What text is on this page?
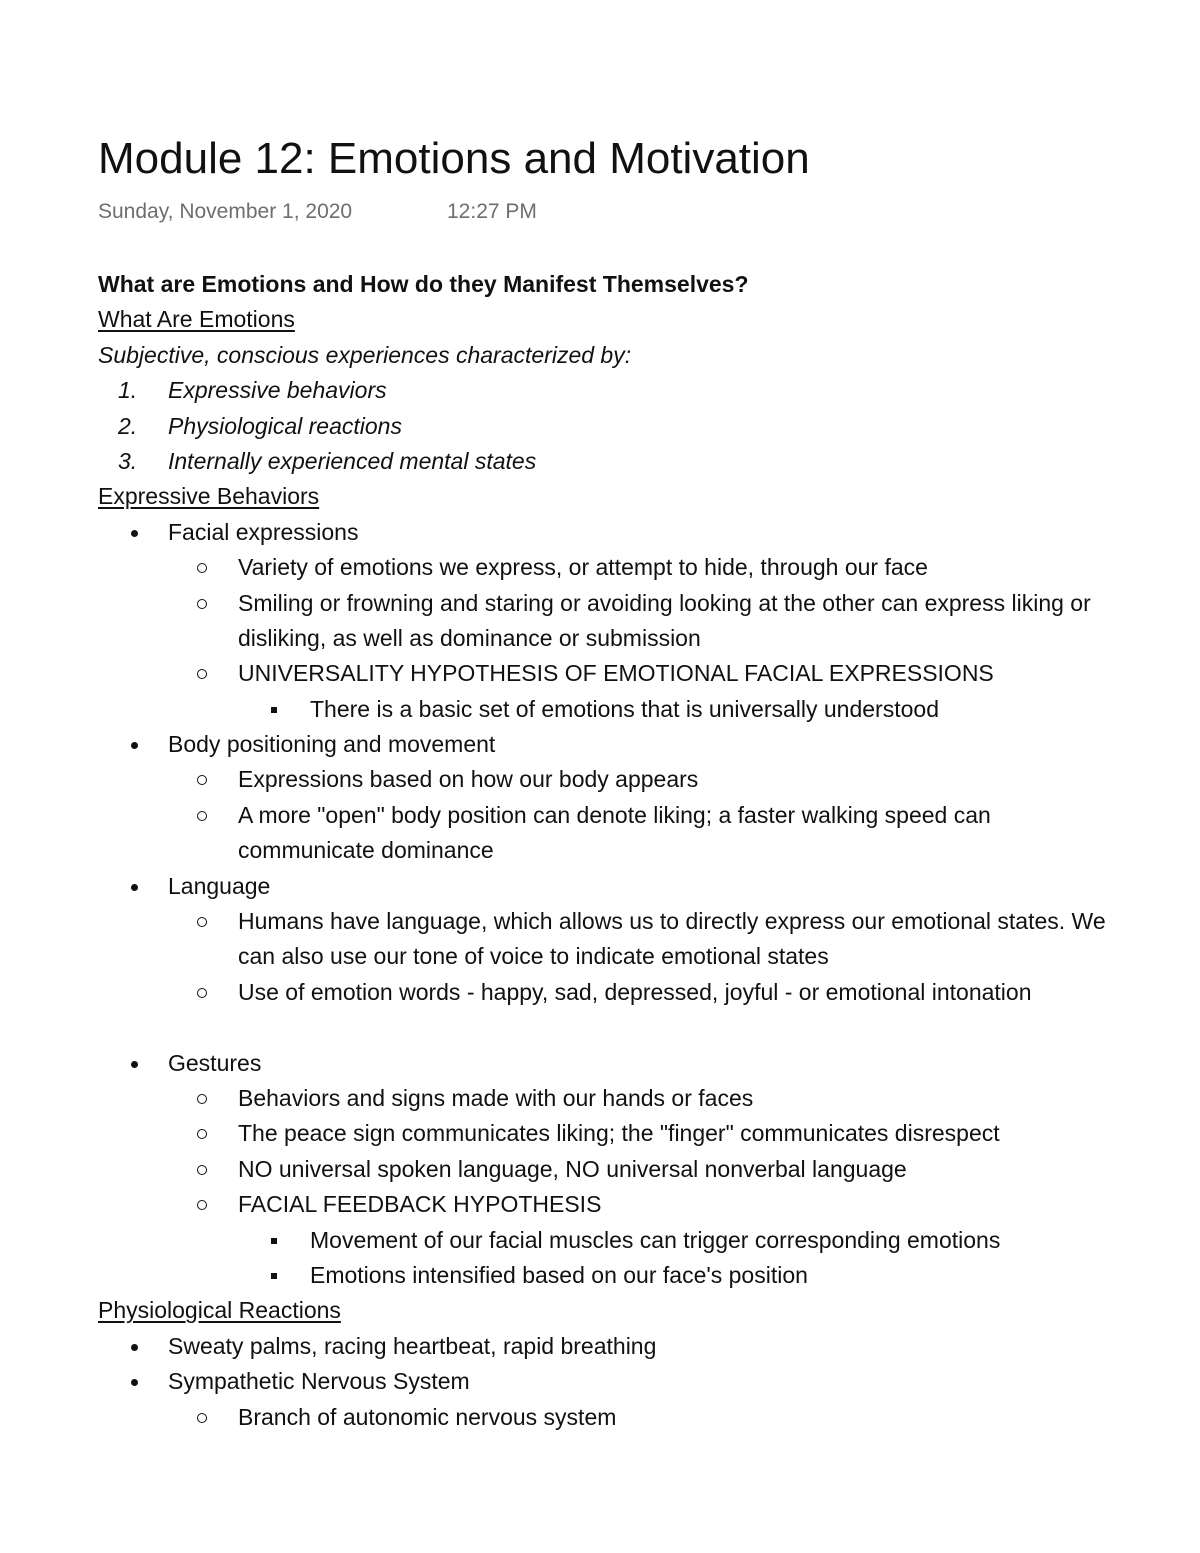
Module 12: Emotions and Motivation
Sunday, November 1, 2020	12:27 PM
What are Emotions and How do they Manifest Themselves?
What Are Emotions
Subjective, conscious experiences characterized by:
1. Expressive behaviors
2. Physiological reactions
3. Internally experienced mental states
Expressive Behaviors
Facial expressions
Variety of emotions we express, or attempt to hide, through our face
Smiling or frowning and staring or avoiding looking at the other can express liking or disliking, as well as dominance or submission
UNIVERSALITY HYPOTHESIS OF EMOTIONAL FACIAL EXPRESSIONS
There is a basic set of emotions that is universally understood
Body positioning and movement
Expressions based on how our body appears
A more "open" body position can denote liking; a faster walking speed can communicate dominance
Language
Humans have language, which allows us to directly express our emotional states. We can also use our tone of voice to indicate emotional states
Use of emotion words - happy, sad, depressed, joyful - or emotional intonation
Gestures
Behaviors and signs made with our hands or faces
The peace sign communicates liking; the "finger" communicates disrespect
NO universal spoken language, NO universal nonverbal language
FACIAL FEEDBACK HYPOTHESIS
Movement of our facial muscles can trigger corresponding emotions
Emotions intensified based on our face's position
Physiological Reactions
Sweaty palms, racing heartbeat, rapid breathing
Sympathetic Nervous System
Branch of autonomic nervous system
